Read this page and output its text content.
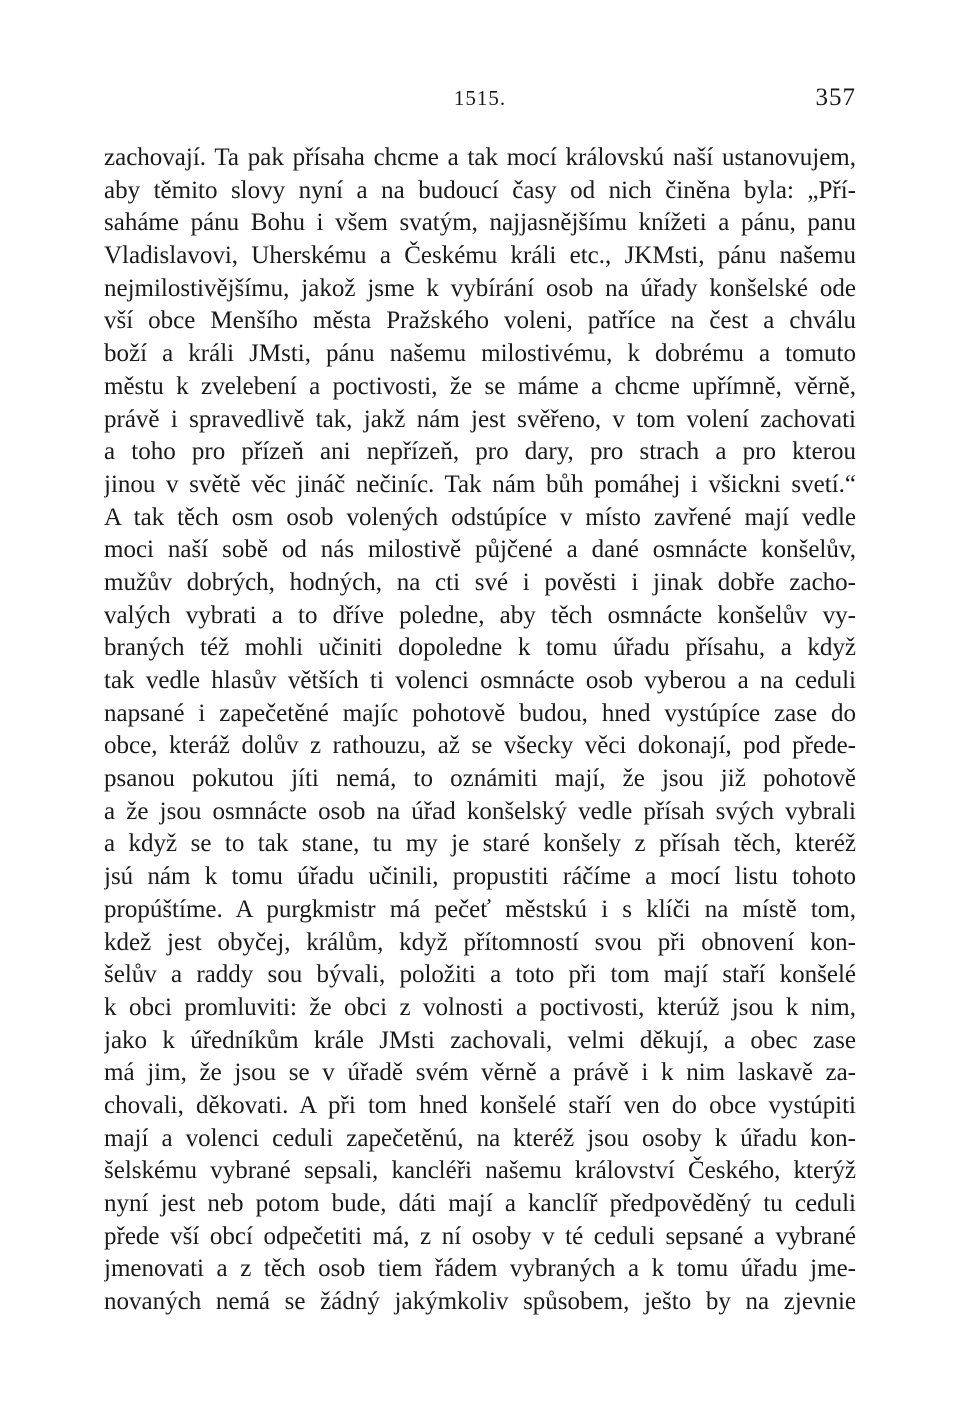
1515.	357
zachovají. Ta pak přísaha chcme a tak mocí královskú naší ustanovujem,
aby těmito slovy nyní a na budoucí časy od nich činěna byla: „Pří-
saháme pánu Bohu i všem svatým, najjasnějšímu knížeti a pánu, panu
Vladislavovi, Uherskému a Českému králi etc., JKMsti, pánu našemu
nejmilostivějšímu, jakož jsme k vybírání osob na úřady konšelské ode
vší obce Menšího města Pražského voleni, patříce na čest a chválu
boží a králi JMsti, pánu našemu milostivému, k dobrému a tomuto
městu k zvelebení a poctivosti, že se máme a chcme upřímně, věrně,
právě i spravedlivě tak, jakž nám jest svěřeno, v tom volení zachovati
a toho pro přízeň ani nepřízeň, pro dary, pro strach a pro kterou
jinou v světě věc jináč nečiníc. Tak nám bůh pomáhej i všickni svetí.“
A tak těch osm osob volených odstúpíce v místo zavřené mají vedle
moci naší sobě od nás milostivě půjčené a dané osmnácte konšelův,
mužův dobrých, hodných, na cti své i pověsti i jinak dobře zacho-
valých vybrati a to dříve poledne, aby těch osmnácte konšelův vy-
braných též mohli učiniti dopoledne k tomu úřadu přísahu, a když
tak vedle hlasův větších ti volenci osmnácte osob vyberou a na ceduli
napsané i zapečetěné majíc pohotově budou, hned vystúpíce zase do
obce, kteráž dolův z rathouzu, až se všecky věci dokonají, pod přede-
psanou pokutou jíti nemá, to oznámiti mají, že jsou již pohotově
a že jsou osmnácte osob na úřad konšelský vedle přísah svých vybrali
a když se to tak stane, tu my je staré konšely z přísah těch, kteréž
jsú nám k tomu úřadu učinili, propustiti ráčíme a mocí listu tohoto
propúštíme. A purgkmistr má pečeť městskú i s klíči na místě tom,
kdež jest obyčej, králům, když přítomností svou při obnovení kon-
šelův a raddy sou bývali, položiti a toto při tom mají staří konšelé
k obci promluviti: že obci z volnosti a poctivosti, kterúž jsou k nim,
jako k úředníkům krále JMsti zachovali, velmi děkují, a obec zase
má jim, že jsou se v úřadě svém věrně a právě i k nim laskavě za-
chovali, děkovati. A při tom hned konšelé staří ven do obce vystúpiti
mají a volenci ceduli zapečetěnú, na kteréž jsou osoby k úřadu kon-
šelskému vybrané sepsali, kancléři našemu království Českého, kterýž
nyní jest neb potom bude, dáti mají a kanclíř předpověděný tu ceduli
přede vší obcí odpečetiti má, z ní osoby v té ceduli sepsané a vybrané
jmenovati a z těch osob tiem řádem vybraných a k tomu úřadu jme-
novaných nemá se žádný jakýmkoliv spůsobem, ješto by na zjevnie
